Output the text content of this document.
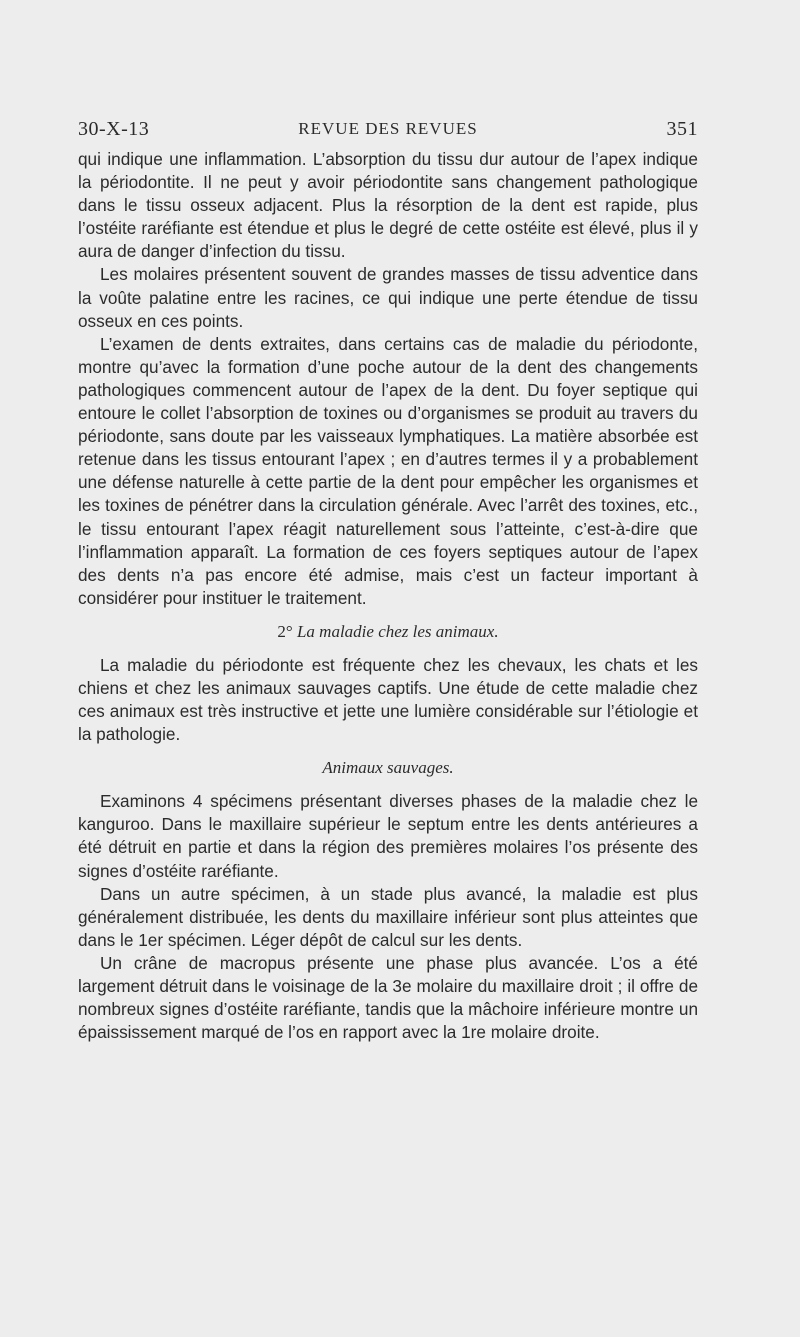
30-X-13	REVUE DES REVUES	351

qui indique une inflammation. L’absorption du tissu dur autour de l’apex indique la périodontite. Il ne peut y avoir périodontite sans changement pathologique dans le tissu osseux adjacent. Plus la résorption de la dent est rapide, plus l’ostéite raréfiante est étendue et plus le degré de cette ostéite est élevé, plus il y aura de danger d’infection du tissu.

Les molaires présentent souvent de grandes masses de tissu adventice dans la voûte palatine entre les racines, ce qui indique une perte étendue de tissu osseux en ces points.

L’examen de dents extraites, dans certains cas de maladie du périodonte, montre qu’avec la formation d’une poche autour de la dent des changements pathologiques commencent autour de l’apex de la dent. Du foyer septique qui entoure le collet l’absorption de toxines ou d’organismes se produit au travers du périodonte, sans doute par les vaisseaux lymphatiques. La matière absorbée est retenue dans les tissus entourant l’apex ; en d’autres termes il y a probablement une défense naturelle à cette partie de la dent pour empêcher les organismes et les toxines de pénétrer dans la circulation générale. Avec l’arrêt des toxines, etc., le tissu entourant l’apex réagit naturellement sous l’atteinte, c’est-à-dire que l’inflammation apparaît. La formation de ces foyers septiques autour de l’apex des dents n’a pas encore été admise, mais c’est un facteur important à considérer pour instituer le traitement.

2° La maladie chez les animaux.

La maladie du périodonte est fréquente chez les chevaux, les chats et les chiens et chez les animaux sauvages captifs. Une étude de cette maladie chez ces animaux est très instructive et jette une lumière considérable sur l’étiologie et la pathologie.

Animaux sauvages.

Examinons 4 spécimens présentant diverses phases de la maladie chez le kanguroo. Dans le maxillaire supérieur le septum entre les dents antérieures a été détruit en partie et dans la région des premières molaires l’os présente des signes d’ostéite raréfiante.

Dans un autre spécimen, à un stade plus avancé, la maladie est plus généralement distribuée, les dents du maxillaire inférieur sont plus atteintes que dans le 1er spécimen. Léger dépôt de calcul sur les dents.

Un crâne de macropus présente une phase plus avancée. L’os a été largement détruit dans le voisinage de la 3e molaire du maxillaire droit ; il offre de nombreux signes d’ostéite raréfiante, tandis que la mâchoire inférieure montre un épaississement marqué de l’os en rapport avec la 1re molaire droite.
